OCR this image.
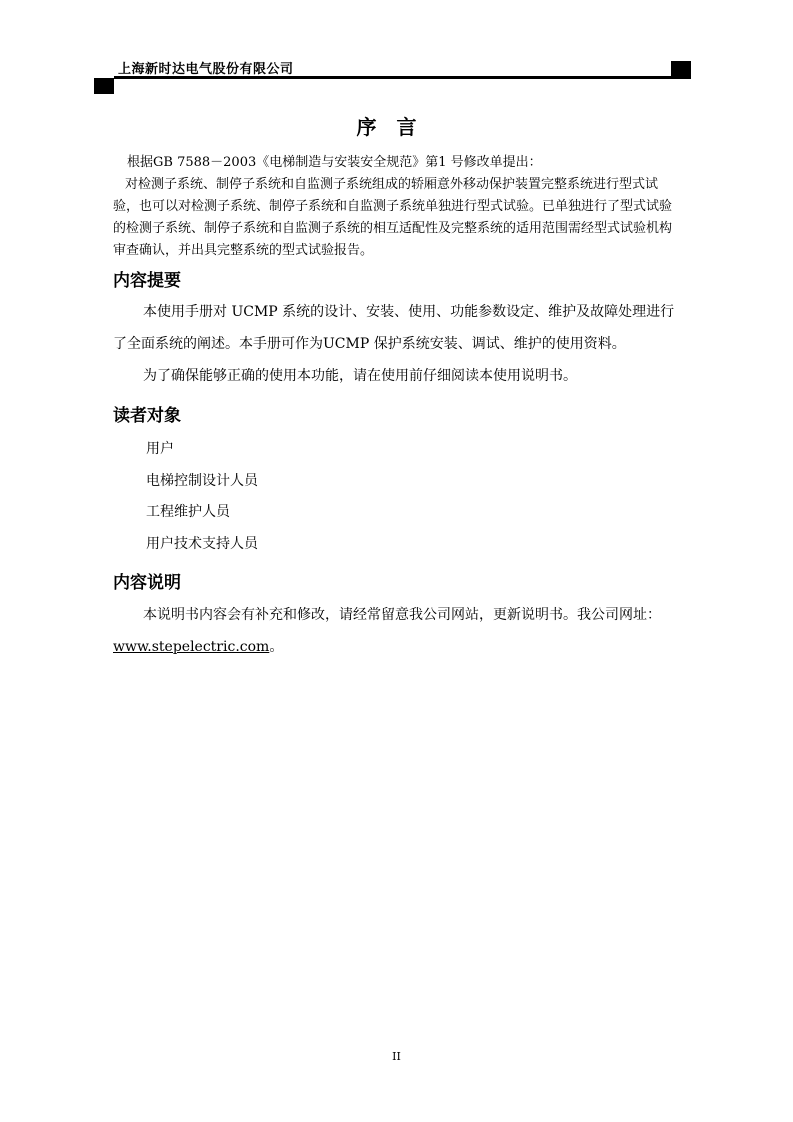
上海新时达电气股份有限公司
序言

根据GB 7588－2003《电梯制造与安装安全规范》第1 号修改单提出：

对检测子系统、制停子系统和自监测子系统组成的轿厢意外移动保护装置完整系统进行型式试验，也可以对检测子系统、制停子系统和自监测子系统单独进行型式试验。已单独进行了型式试验的检测子系统、制停子系统和自监测子系统的相互适配性及完整系统的适用范围需经型式试验机构审查确认，并出具完整系统的型式试验报告。

内容提要

本使用手册对 UCMP 系统的设计、安装、使用、功能参数设定、维护及故障处理进行了全面系统的阐述。本手册可作为UCMP 保护系统安装、调试、维护的使用资料。

为了确保能够正确的使用本功能，请在使用前仔细阅读本使用说明书。

读者对象

用户

电梯控制设计人员

工程维护人员

用户技术支持人员

内容说明

本说明书内容会有补充和修改，请经常留意我公司网站，更新说明书。我公司网址：www.stepelectric.com。

II
